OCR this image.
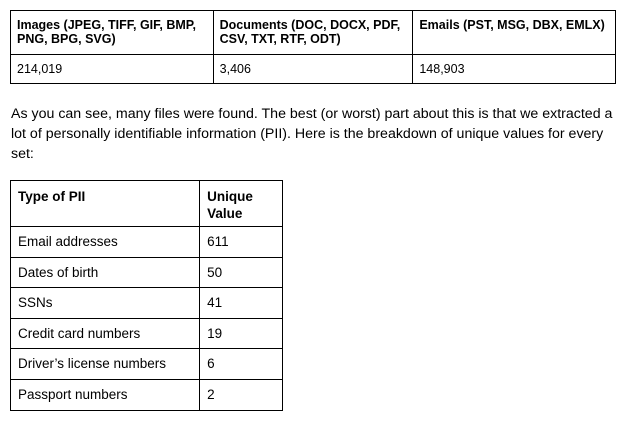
Images (JPEG, TIFF, GIF, BMP, PNG, BPG, SVG)	Documents (DOC, DOCX, PDF, CSV, TXT, RTF, ODT)	Emails (PST, MSG, DBX, EMLX)
214,019	3,406	148,903

As you can see, many files were found. The best (or worst) part about this is that we extracted a lot of personally identifiable information (PII). Here is the breakdown of unique values for every set:

Type of PII	Unique Value
Email addresses	611
Dates of birth	50
SSNs	41
Credit card numbers	19
Driver’s license numbers	6
Passport numbers	2
